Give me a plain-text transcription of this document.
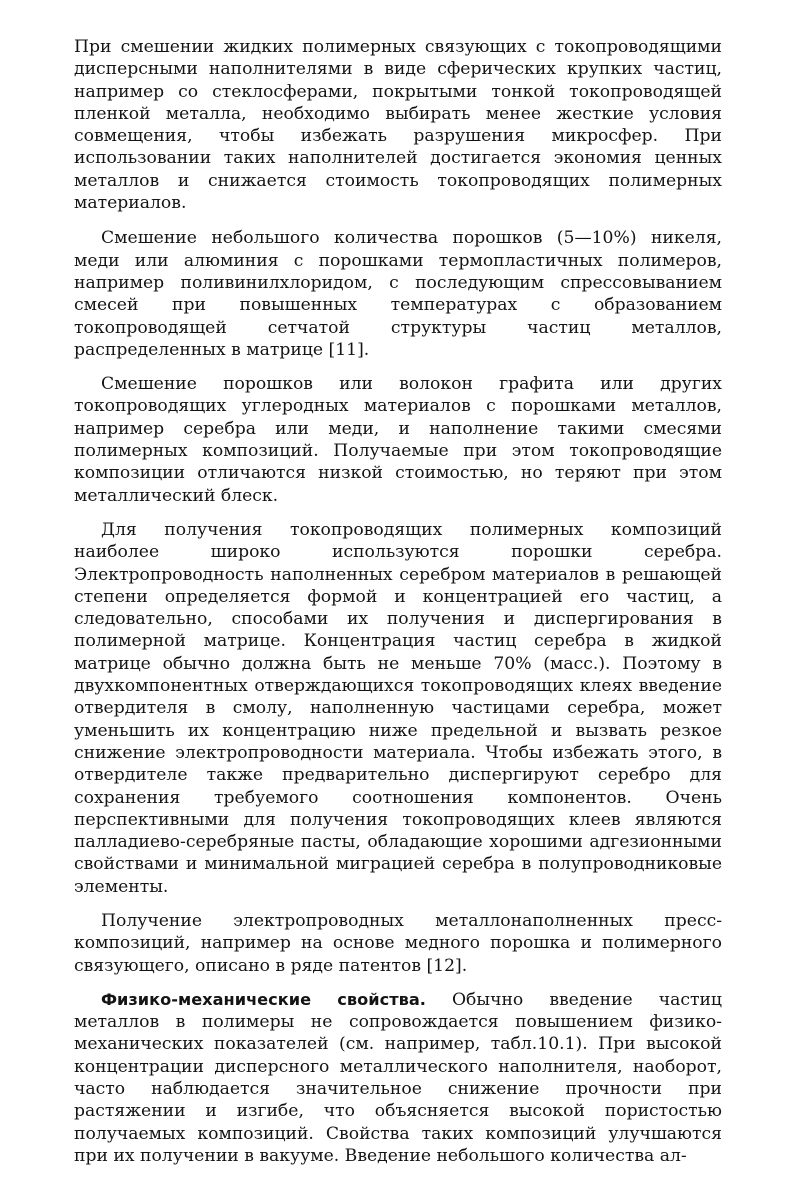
При смешении жидких полимерных связующих с токопроводящими дисперсными наполнителями в виде сферических крупких частиц, например со стеклосферами, покрытыми тонкой токопроводящей пленкой металла, необходимо выбирать менее жесткие условия совмещения, чтобы избежать разрушения микросфер. При использовании таких наполнителей достигается экономия ценных металлов и снижается стоимость токопроводящих полимерных материалов.

Смешение небольшого количества порошков (5—10%) никеля, меди или алюминия с порошками термопластичных полимеров, например поливинилхлоридом, с последующим спрессовыванием смесей при повышенных температурах с образованием токопроводящей сетчатой структуры частиц металлов, распределенных в матрице [11].

Смешение порошков или волокон графита или других токопроводящих углеродных материалов с порошками металлов, например серебра или меди, и наполнение такими смесями полимерных композиций. Получаемые при этом токопроводящие композиции отличаются низкой стоимостью, но теряют при этом металлический блеск.

Для получения токопроводящих полимерных композиций наиболее широко используются порошки серебра. Электропроводность наполненных серебром материалов в решающей степени определяется формой и концентрацией его частиц, а следовательно, способами их получения и диспергирования в полимерной матрице. Концентрация частиц серебра в жидкой матрице обычно должна быть не меньше 70% (масс.). Поэтому в двухкомпонентных отверждающихся токопроводящих клеях введение отвердителя в смолу, наполненную частицами серебра, может уменьшить их концентрацию ниже предельной и вызвать резкое снижение электропроводности материала. Чтобы избежать этого, в отвердителе также предварительно диспергируют серебро для сохранения требуемого соотношения компонентов. Очень перспективными для получения токопроводящих клеев являются палладиево-серебряные пасты, обладающие хорошими адгезионными свойствами и минимальной миграцией серебра в полупроводниковые элементы.

Получение электропроводных металлонаполненных пресс-композиций, например на основе медного порошка и полимерного связующего, описано в ряде патентов [12].

Физико-механические свойства. Обычно введение частиц металлов в полимеры не сопровождается повышением физико-механических показателей (см. например, табл.10.1). При высокой концентрации дисперсного металлического наполнителя, наоборот, часто наблюдается значительное снижение прочности при растяжении и изгибе, что объясняется высокой пористостью получаемых композиций. Свойства таких композиций улучшаются при их получении в вакууме. Введение небольшого количества ал-
